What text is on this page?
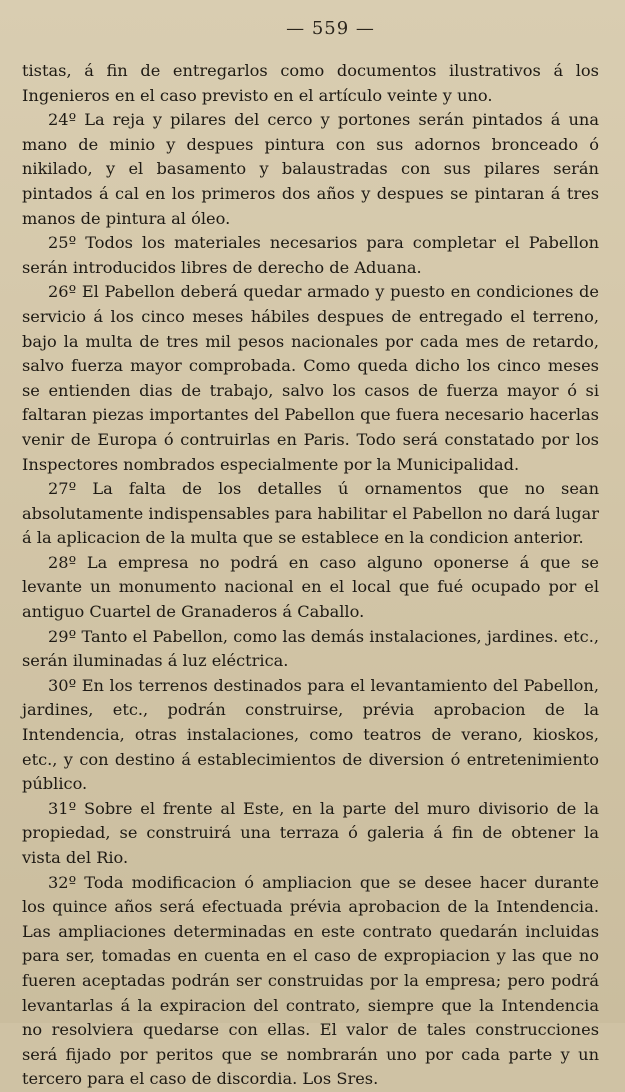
— 559 —

tistas, á fin de entregarlos como documentos ilustrativos á los Ingenieros en el caso previsto en el artículo veinte y uno.

24º La reja y pilares del cerco y portones serán pintados á una mano de minio y despues pintura con sus adornos bronceado ó nikilado, y el basamento y balaustradas con sus pilares serán pintados á cal en los primeros dos años y despues se pintaran á tres manos de pintura al óleo.

25º Todos los materiales necesarios para completar el Pabellon serán introducidos libres de derecho de Aduana.

26º El Pabellon deberá quedar armado y puesto en condiciones de servicio á los cinco meses hábiles despues de entregado el terreno, bajo la multa de tres mil pesos nacionales por cada mes de retardo, salvo fuerza mayor comprobada. Como queda dicho los cinco meses se entienden dias de trabajo, salvo los casos de fuerza mayor ó si faltaran piezas importantes del Pabellon que fuera necesario hacerlas venir de Europa ó contruirlas en Paris. Todo será constatado por los Inspectores nombrados especialmente por la Municipalidad.

27º La falta de los detalles ú ornamentos que no sean absolutamente indispensables para habilitar el Pabellon no dará lugar á la aplicacion de la multa que se establece en la condicion anterior.

28º La empresa no podrá en caso alguno oponerse á que se levante un monumento nacional en el local que fué ocupado por el antiguo Cuartel de Granaderos á Caballo.

29º Tanto el Pabellon, como las demás instalaciones, jardines. etc., serán iluminadas á luz eléctrica.

30º En los terrenos destinados para el levantamiento del Pabellon, jardines, etc., podrán construirse, prévia aprobacion de la Intendencia, otras instalaciones, como teatros de verano, kioskos, etc., y con destino á establecimientos de diversion ó entretenimiento público.

31º Sobre el frente al Este, en la parte del muro divisorio de la propiedad, se construirá una terraza ó galeria á fin de obtener la vista del Rio.

32º Toda modificacion ó ampliacion que se desee hacer durante los quince años será efectuada prévia aprobacion de la Intendencia. Las ampliaciones determinadas en este contrato quedarán incluidas para ser, tomadas en cuenta en el caso de expropiacion y las que no fueren aceptadas podrán ser construidas por la empresa; pero podrá levantarlas á la expiracion del contrato, siempre que la Intendencia no resolviera quedarse con ellas. El valor de tales construcciones será fijado por peritos que se nombrarán uno por cada parte y un tercero para el caso de discordia. Los Sres.
